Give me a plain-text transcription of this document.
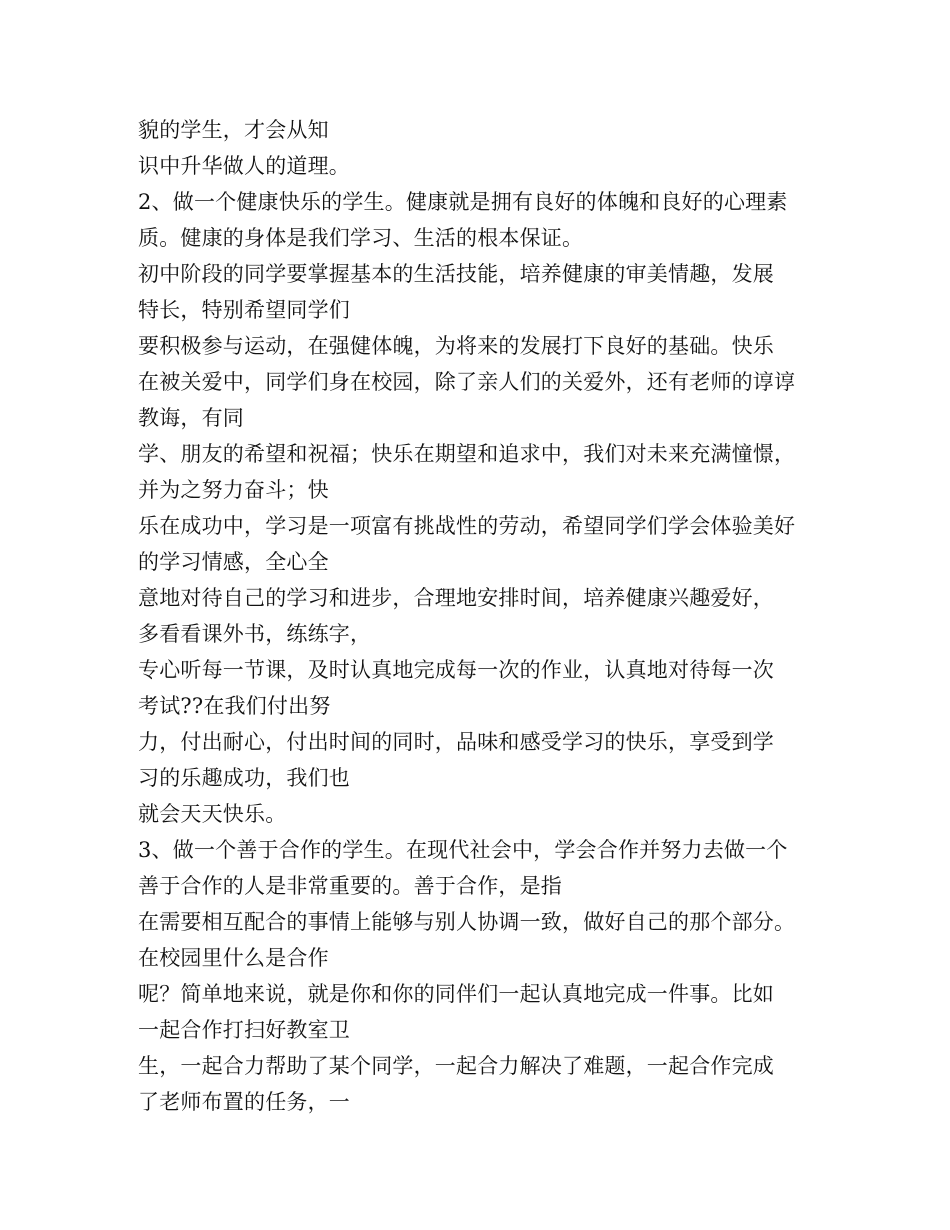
貌的学生，才会从知
识中升华做人的道理。
2、做一个健康快乐的学生。健康就是拥有良好的体魄和良好的心理素
质。健康的身体是我们学习、生活的根本保证。
初中阶段的同学要掌握基本的生活技能，培养健康的审美情趣，发展
特长，特别希望同学们
要积极参与运动，在强健体魄，为将来的发展打下良好的基础。快乐
在被关爱中，同学们身在校园，除了亲人们的关爱外，还有老师的谆谆
教诲，有同
学、朋友的希望和祝福；快乐在期望和追求中，我们对未来充满憧憬，
并为之努力奋斗；快
乐在成功中，学习是一项富有挑战性的劳动，希望同学们学会体验美好
的学习情感，全心全
意地对待自己的学习和进步，合理地安排时间，培养健康兴趣爱好，
多看看课外书，练练字，
专心听每一节课，及时认真地完成每一次的作业，认真地对待每一次
考试??在我们付出努
力，付出耐心，付出时间的同时，品味和感受学习的快乐，享受到学
习的乐趣成功，我们也
就会天天快乐。
3、做一个善于合作的学生。在现代社会中，学会合作并努力去做一个
善于合作的人是非常重要的。善于合作，是指
在需要相互配合的事情上能够与别人协调一致，做好自己的那个部分。
在校园里什么是合作
呢？简单地来说，就是你和你的同伴们一起认真地完成一件事。比如
一起合作打扫好教室卫
生，一起合力帮助了某个同学，一起合力解决了难题，一起合作完成
了老师布置的任务，一
